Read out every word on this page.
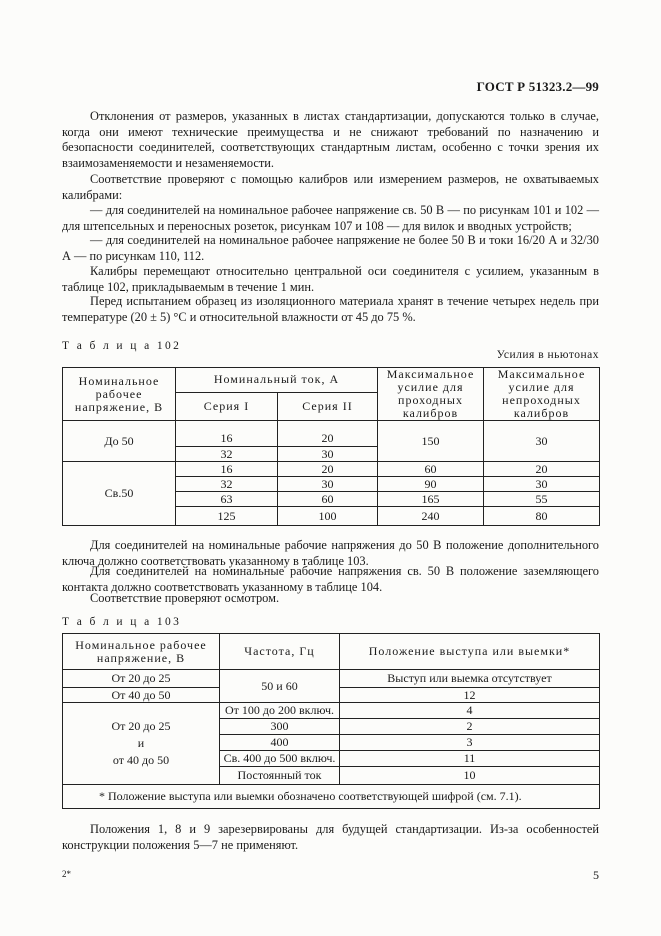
ГОСТ Р 51323.2—99

Отклонения от размеров, указанных в листах стандартизации, допускаются только в случае, когда они имеют технические преимущества и не снижают требований по назначению и безопасности соединителей, соответствующих стандартным листам, особенно с точки зрения их взаимозаменяемости и незаменяемости.

Соответствие проверяют с помощью калибров или измерением размеров, не охватываемых калибрами:

— для соединителей на номинальное рабочее напряжение св. 50 В — по рисункам 101 и 102 — для штепсельных и переносных розеток, рисункам 107 и 108 — для вилок и вводных устройств;

— для соединителей на номинальное рабочее напряжение не более 50 В и токи 16/20 А и 32/30 А — по рисункам 110, 112.

Калибры перемещают относительно центральной оси соединителя с усилием, указанным в таблице 102, прикладываемым в течение 1 мин.

Перед испытанием образец из изоляционного материала хранят в течение четырех недель при температуре (20 ± 5) °С и относительной влажности от 45 до 75 %.

Т а б л и ц а 102
Усилия в ньютонах
Номинальное рабочее напряжение, В	Номинальный ток, А		Максимальное усилие для проходных калибров	Максимальное усилие для непроходных калибров
	Серия I	Серия II		
До 50			150	30
	16	20		
	32	30		
Св.50	16	20	60	20
	32	30	90	30
	63	60	165	55
	125	100	240	80

Для соединителей на номинальные рабочие напряжения до 50 В положение дополнительного ключа должно соответствовать указанному в таблице 103.

Для соединителей на номинальные рабочие напряжения св. 50 В положение заземляющего контакта должно соответствовать указанному в таблице 104.

Соответствие проверяют осмотром.

Т а б л и ц а 103
Номинальное рабочее напряжение, В	Частота, Гц	Положение выступа или выемки*
От 20 до 25	50 и 60	Выступ или выемка отсутствует
От 40 до 50		12

От 20 до 25
и
от 40 до 50	От 100 до 200 включ.	4
	300	2
	400	3
	Св. 400 до 500 включ.	11
	Постоянный ток	10
* Положение выступа или выемки обозначено соответствующей шифрой (см. 7.1).		

Положения 1, 8 и 9 зарезервированы для будущей стандартизации. Из-за особенностей конструкции положения 5—7 не применяют.

2*	5
